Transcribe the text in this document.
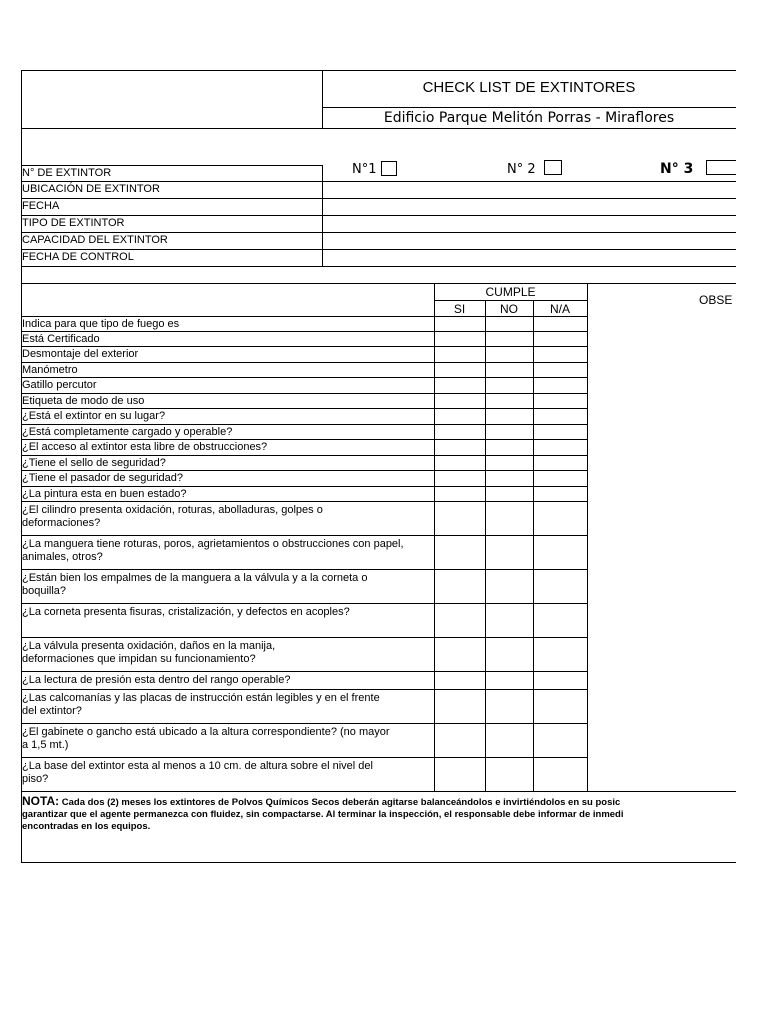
CHECK LIST DE EXTINTORES
Edificio Parque Melitón Porras - Miraflores
N°1	N° 2	N° 3
N° DE EXTINTOR
UBICACIÓN DE EXTINTOR
FECHA
TIPO DE EXTINTOR
CAPACIDAD DEL EXTINTOR
FECHA DE CONTROL
CUMPLE
SI	NO	N/A
OBSE
Indica para que tipo de fuego es
Está Certificado
Desmontaje del exterior
Manómetro
Gatillo percutor
Etiqueta de modo de uso
¿Está el extintor en su lugar?
¿Está completamente cargado y operable?
¿El acceso al extintor esta libre de obstrucciones?
¿Tiene el sello de seguridad?
¿Tiene el pasador de seguridad?
¿La pintura esta en buen estado?
¿El cilindro presenta oxidación, roturas, abolladuras, golpes o deformaciones?
¿La manguera tiene roturas, poros, agrietamientos o obstrucciones con papel, animales, otros?
¿Están bien los empalmes de la manguera a la válvula y a la corneta o boquilla?
¿La corneta presenta fisuras, cristalización, y defectos en acoples?
¿La válvula presenta oxidación, daños en la manija, deformaciones que impidan su funcionamiento?
¿La lectura de presión esta dentro del rango operable?
¿Las calcomanías y las placas de instrucción están legibles y en el frente del extintor?
¿El gabinete o gancho está ubicado a la altura correspondiente? (no mayor a 1,5 mt.)
¿La base del extintor esta al menos a 10 cm. de altura sobre el nivel del piso?
NOTA: Cada dos (2) meses los extintores de Polvos Químicos Secos deberán agitarse balanceándolos e invirtiéndolos en su posic
garantizar que el agente permanezca con fluidez, sin compactarse. Al terminar la inspección, el responsable debe informar de inmedi
encontradas en los equipos.
